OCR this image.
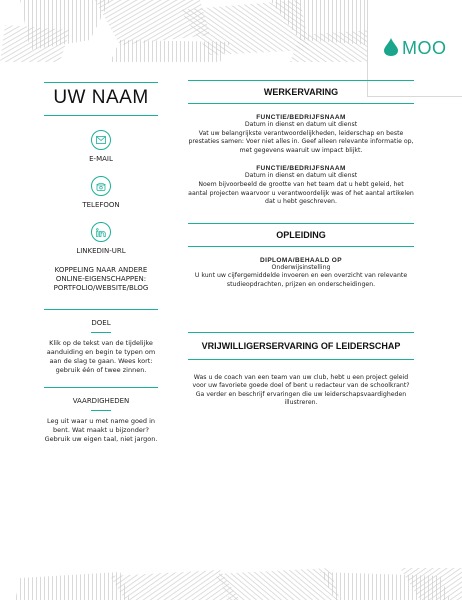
MOO
UW NAAM
E-MAIL
TELEFOON
LINKEDIN-URL
KOPPELING NAAR ANDERE ONLINE-EIGENSCHAPPEN: PORTFOLIO/WEBSITE/BLOG
DOEL
Klik op de tekst van de tijdelijke aanduiding en begin te typen om aan de slag te gaan. Wees kort: gebruik één of twee zinnen.
VAARDIGHEDEN
Leg uit waar u met name goed in bent. Wat maakt u bijzonder? Gebruik uw eigen taal, niet jargon.
WERKERVARING
FUNCTIE/BEDRIJFSNAAM
Datum in dienst en datum uit dienst
Vat uw belangrijkste verantwoordelijkheden, leiderschap en beste prestaties samen: Voer niet alles in. Geef alleen relevante informatie op, met gegevens waaruit uw impact blijkt.
FUNCTIE/BEDRIJFSNAAM
Datum in dienst en datum uit dienst
Noem bijvoorbeeld de grootte van het team dat u hebt geleid, het aantal projecten waarvoor u verantwoordelijk was of het aantal artikelen dat u hebt geschreven.
OPLEIDING
DIPLOMA/BEHAALD OP
Onderwijsinstelling
U kunt uw cijfergemiddelde invoeren en een overzicht van relevante studieopdrachten, prijzen en onderscheidingen.
VRIJWILLIGERSERVARING OF LEIDERSCHAP
Was u de coach van een team van uw club, hebt u een project geleid voor uw favoriete goede doel of bent u redacteur van de schoolkrant? Ga verder en beschrijf ervaringen die uw leiderschapsvaardigheden illustreren.
